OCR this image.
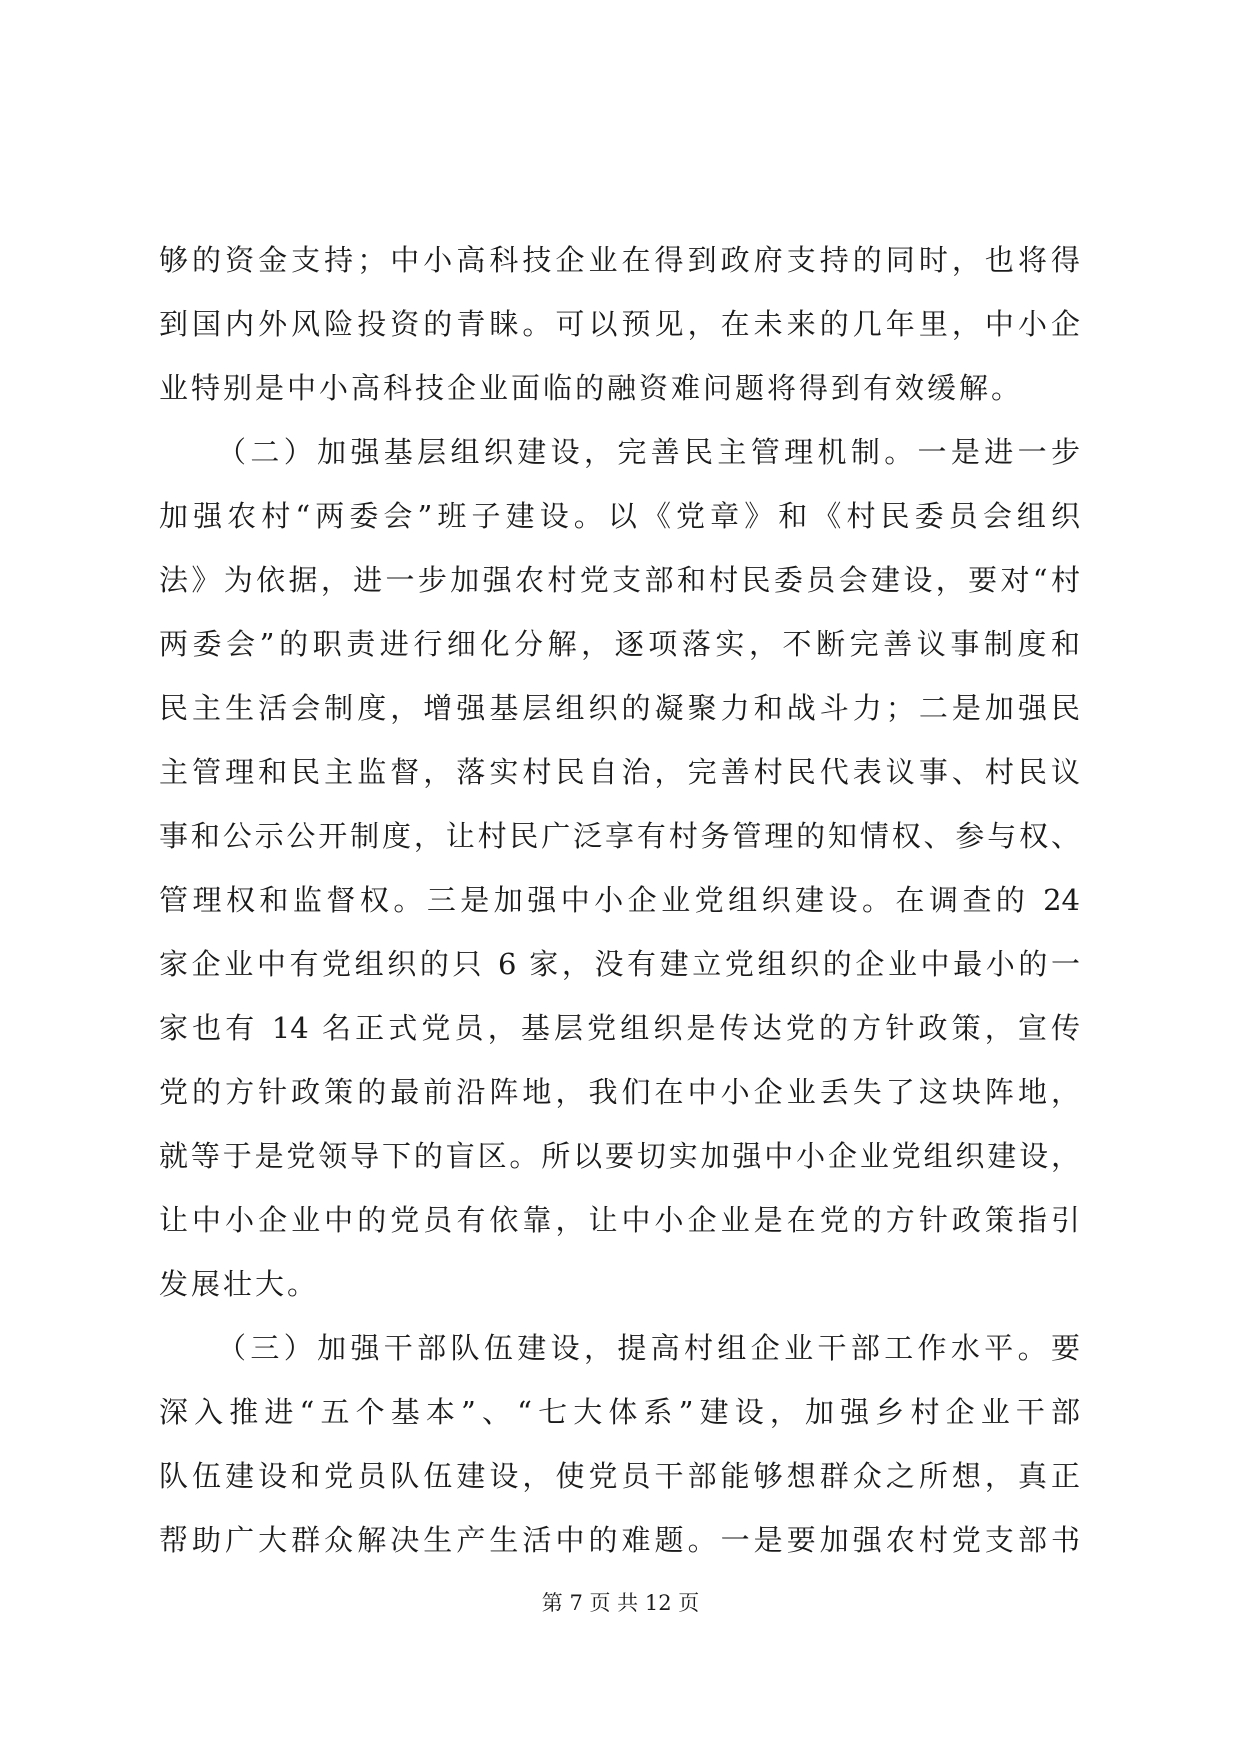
够的资金支持；中小高科技企业在得到政府支持的同时，也将得
到国内外风险投资的青睐。可以预见，在未来的几年里，中小企
业特别是中小高科技企业面临的融资难问题将得到有效缓解。
（二）加强基层组织建设，完善民主管理机制。一是进一步
加强农村“两委会”班子建设。以《党章》和《村民委员会组织
法》为依据，进一步加强农村党支部和村民委员会建设，要对“村
两委会”的职责进行细化分解，逐项落实，不断完善议事制度和
民主生活会制度，增强基层组织的凝聚力和战斗力；二是加强民
主管理和民主监督，落实村民自治，完善村民代表议事、村民议
事和公示公开制度，让村民广泛享有村务管理的知情权、参与权、
管理权和监督权。三是加强中小企业党组织建设。在调查的 24
家企业中有党组织的只 6 家，没有建立党组织的企业中最小的一
家也有 14 名正式党员，基层党组织是传达党的方针政策，宣传
党的方针政策的最前沿阵地，我们在中小企业丢失了这块阵地，
就等于是党领导下的盲区。所以要切实加强中小企业党组织建设，
让中小企业中的党员有依靠，让中小企业是在党的方针政策指引
发展壮大。
（三）加强干部队伍建设，提高村组企业干部工作水平。要
深入推进“五个基本”、“七大体系”建设，加强乡村企业干部
队伍建设和党员队伍建设，使党员干部能够想群众之所想，真正
帮助广大群众解决生产生活中的难题。一是要加强农村党支部书
第 7 页 共 12 页
